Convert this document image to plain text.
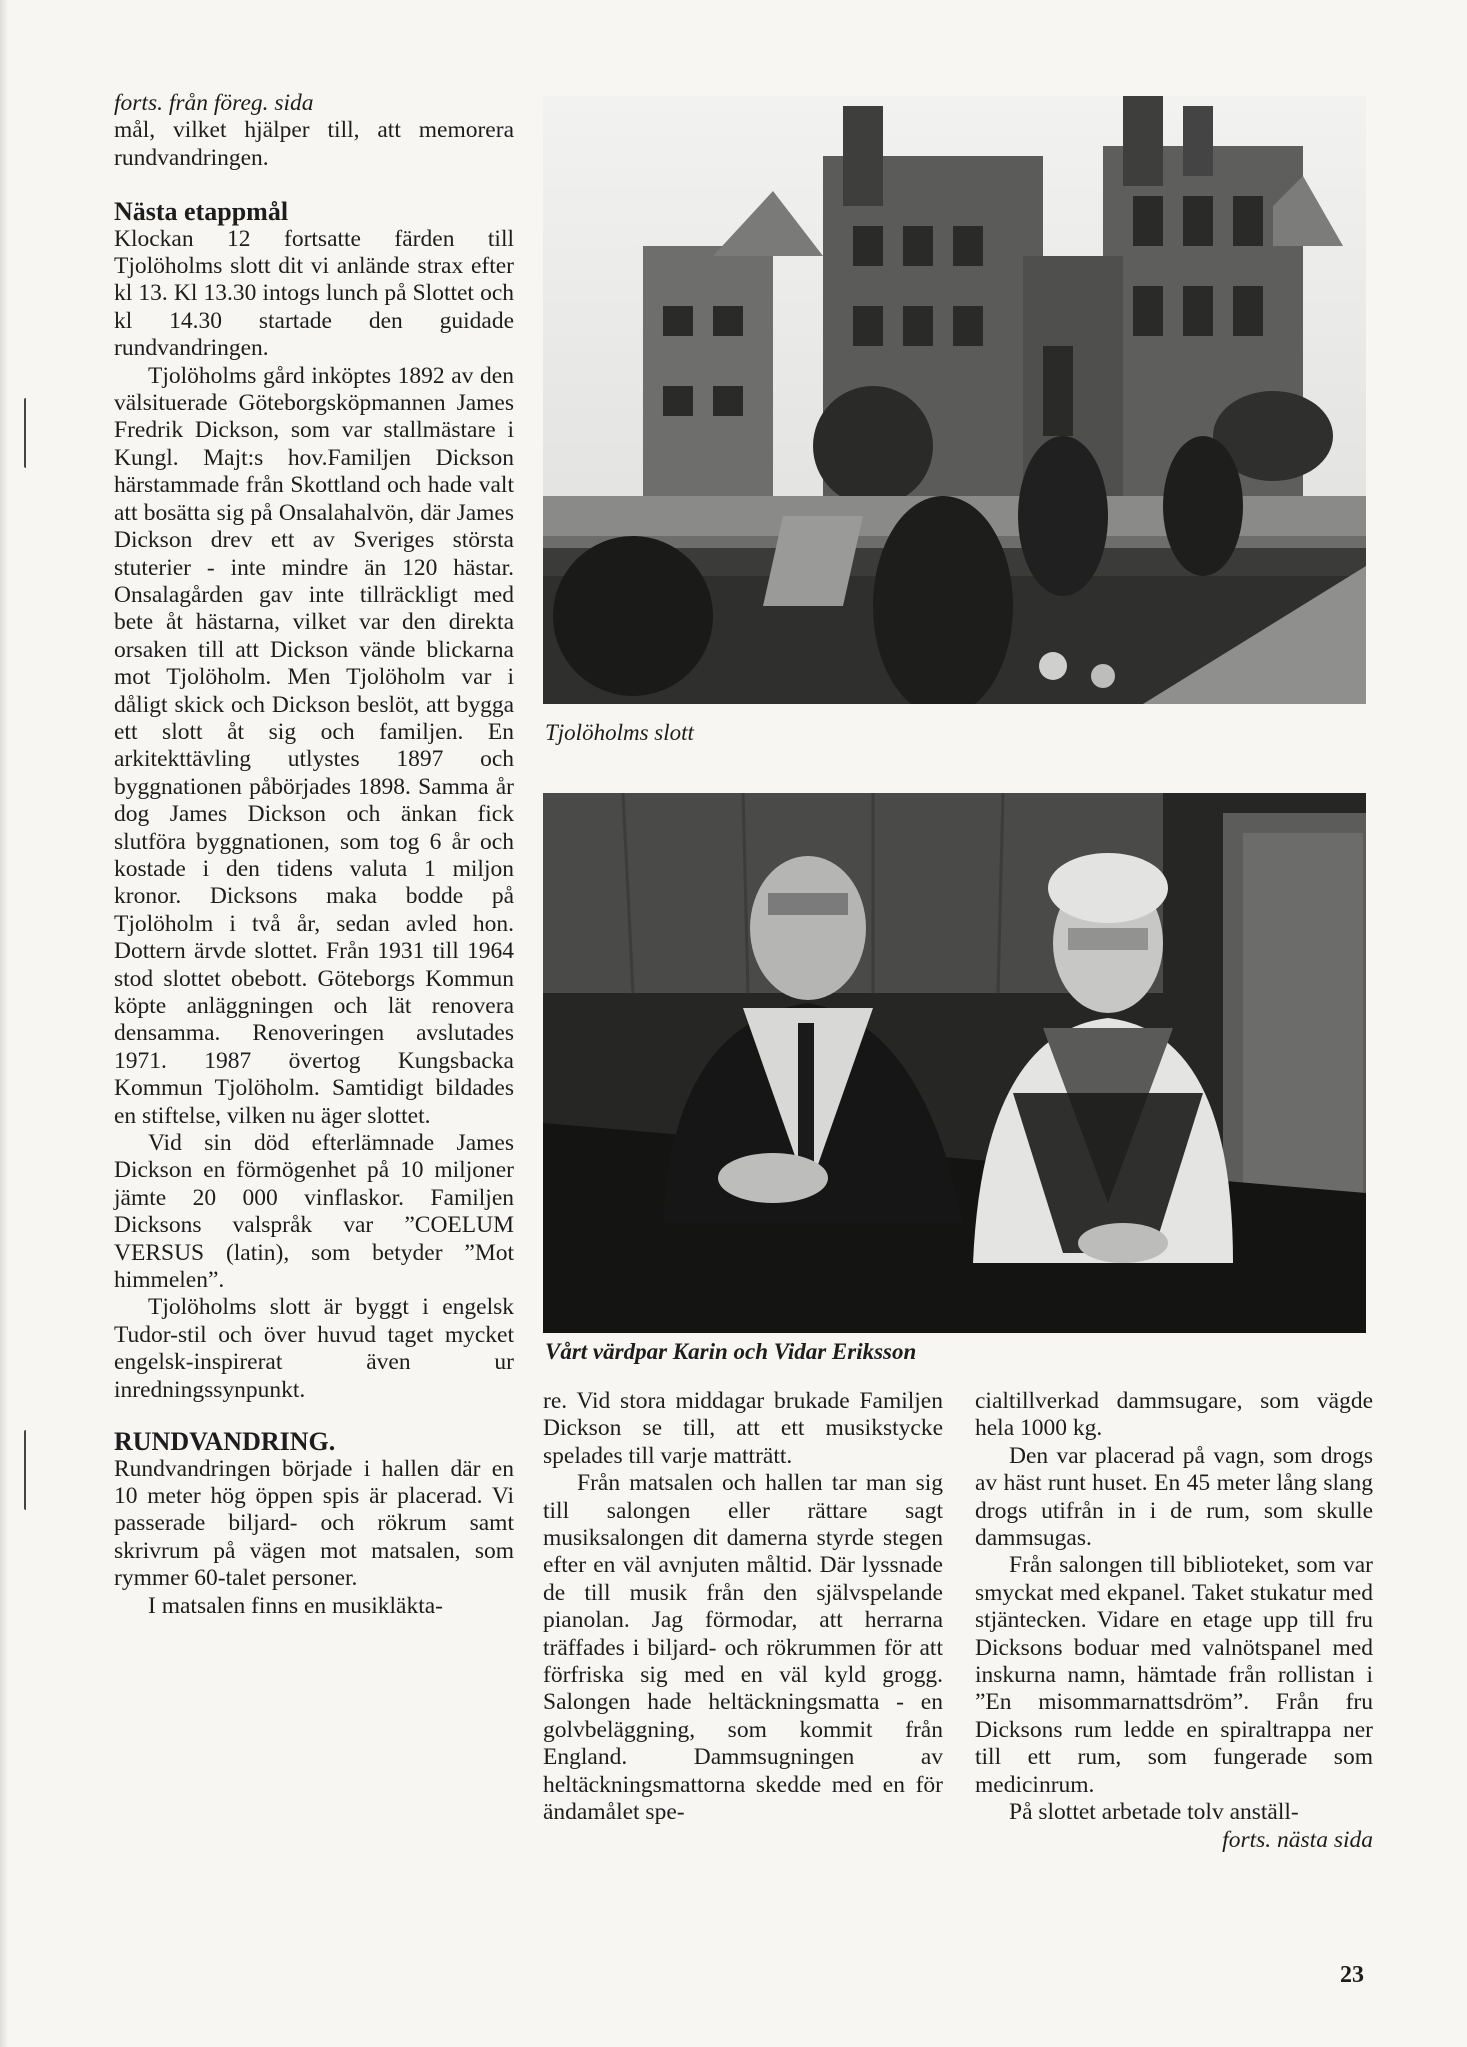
forts. från föreg. sida

mål, vilket hjälper till, att memorera rundvandringen.

Nästa etappmål

Klockan 12 fortsatte färden till Tjolöholms slott dit vi anlände strax efter kl 13. Kl 13.30 intogs lunch på Slottet och kl 14.30 startade den guidade rundvandringen.

Tjolöholms gård inköptes 1892 av den välsituerade Göteborgsköpmannen James Fredrik Dickson, som var stallmästare i Kungl. Majt:s hov.Familjen Dickson härstammade från Skottland och hade valt att bosätta sig på Onsalahalvön, där James Dickson drev ett av Sveriges största stuterier - inte mindre än 120 hästar. Onsalagården gav inte tillräckligt med bete åt hästarna, vilket var den direkta orsaken till att Dickson vände blickarna mot Tjolöholm. Men Tjolöholm var i dåligt skick och Dickson beslöt, att bygga ett slott åt sig och familjen. En arkitekttävling utlystes 1897 och byggnationen påbörjades 1898. Samma år dog James Dickson och änkan fick slutföra byggnationen, som tog 6 år och kostade i den tidens valuta 1 miljon kronor. Dicksons maka bodde på Tjolöholm i två år, sedan avled hon. Dottern ärvde slottet. Från 1931 till 1964 stod slottet obebott. Göteborgs Kommun köpte anläggningen och lät renovera densamma. Renoveringen avslutades 1971. 1987 övertog Kungsbacka Kommun Tjolöholm. Samtidigt bildades en stiftelse, vilken nu äger slottet.

Vid sin död efterlämnade James Dickson en förmögenhet på 10 miljoner jämte 20 000 vinflaskor. Familjen Dicksons valspråk var ”COELUM VERSUS (latin), som betyder ”Mot himmelen”.

Tjolöholms slott är byggt i engelsk Tudor-stil och över huvud taget mycket engelsk-inspirerat även ur inredningssynpunkt.

RUNDVANDRING.

Rundvandringen började i hallen där en 10 meter hög öppen spis är placerad. Vi passerade biljard- och rökrum samt skrivrum på vägen mot matsalen, som rymmer 60-talet personer.

I matsalen finns en musikläkta-

Tjolöholms slott
Vårt värdpar Karin och Vidar Eriksson

re. Vid stora middagar brukade Familjen Dickson se till, att ett musikstycke spelades till varje matträtt.

Från matsalen och hallen tar man sig till salongen eller rättare sagt musiksalongen dit damerna styrde stegen efter en väl avnjuten måltid. Där lyssnade de till musik från den självspelande pianolan. Jag förmodar, att herrarna träffades i biljard- och rökrummen för att förfriska sig med en väl kyld grogg. Salongen hade heltäckningsmatta - en golvbeläggning, som kommit från England. Dammsugningen av heltäckningsmattorna skedde med en för ändamålet spe-

cialtillverkad dammsugare, som vägde hela 1000 kg.

Den var placerad på vagn, som drogs av häst runt huset. En 45 meter lång slang drogs utifrån in i de rum, som skulle dammsugas.

Från salongen till biblioteket, som var smyckat med ekpanel. Taket stukatur med stjäntecken. Vidare en etage upp till fru Dicksons boduar med valnötspanel med inskurna namn, hämtade från rollistan i ”En misommarnattsdröm”. Från fru Dicksons rum ledde en spiraltrappa ner till ett rum, som fungerade som medicinrum.

På slottet arbetade tolv anställ-

forts. nästa sida

23
